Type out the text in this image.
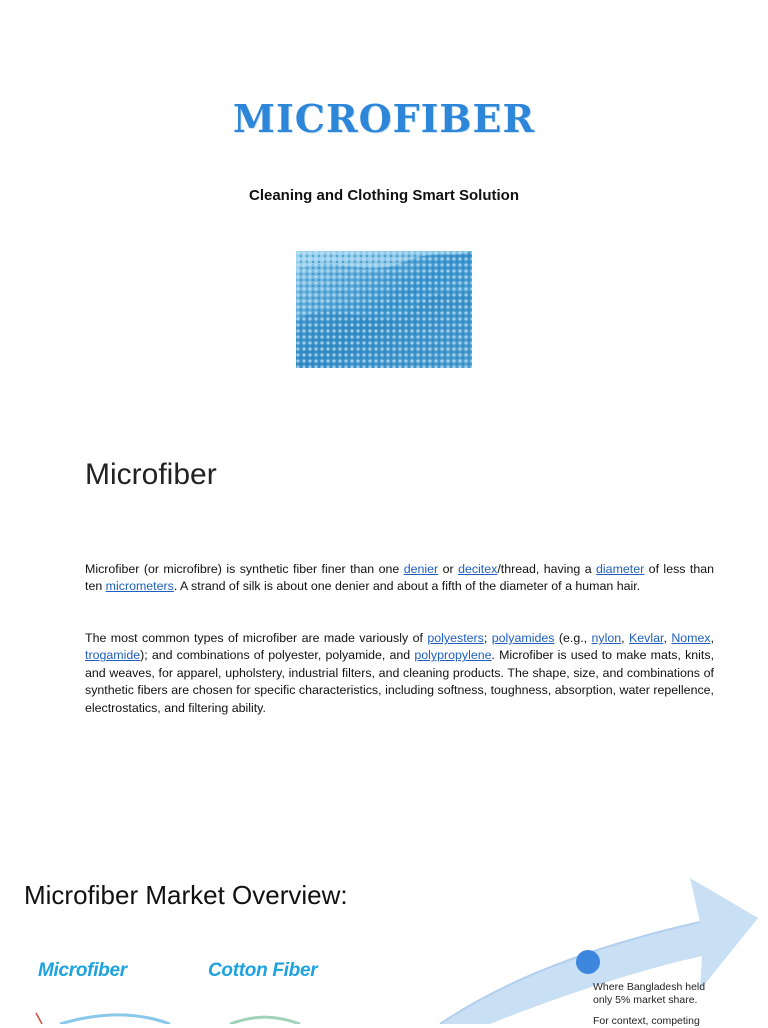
MICROFIBER
Cleaning and Clothing Smart Solution
Microfiber
Microfiber (or microfibre) is synthetic fiber finer than one denier or decitex/thread, having a diameter of less than ten micrometers. A strand of silk is about one denier and about a fifth of the diameter of a human hair.
The most common types of microfiber are made variously of polyesters; polyamides (e.g., nylon, Kevlar, Nomex, trogamide); and combinations of polyester, polyamide, and polypropylene. Microfiber is used to make mats, knits, and weaves, for apparel, upholstery, industrial filters, and cleaning products. The shape, size, and combinations of synthetic fibers are chosen for specific characteristics, including softness, toughness, absorption, water repellence, electrostatics, and filtering ability.
Microfiber Market Overview:
Microfiber	Cotton Fiber
Where Bangladesh held only 5% market share.
For context, competing
